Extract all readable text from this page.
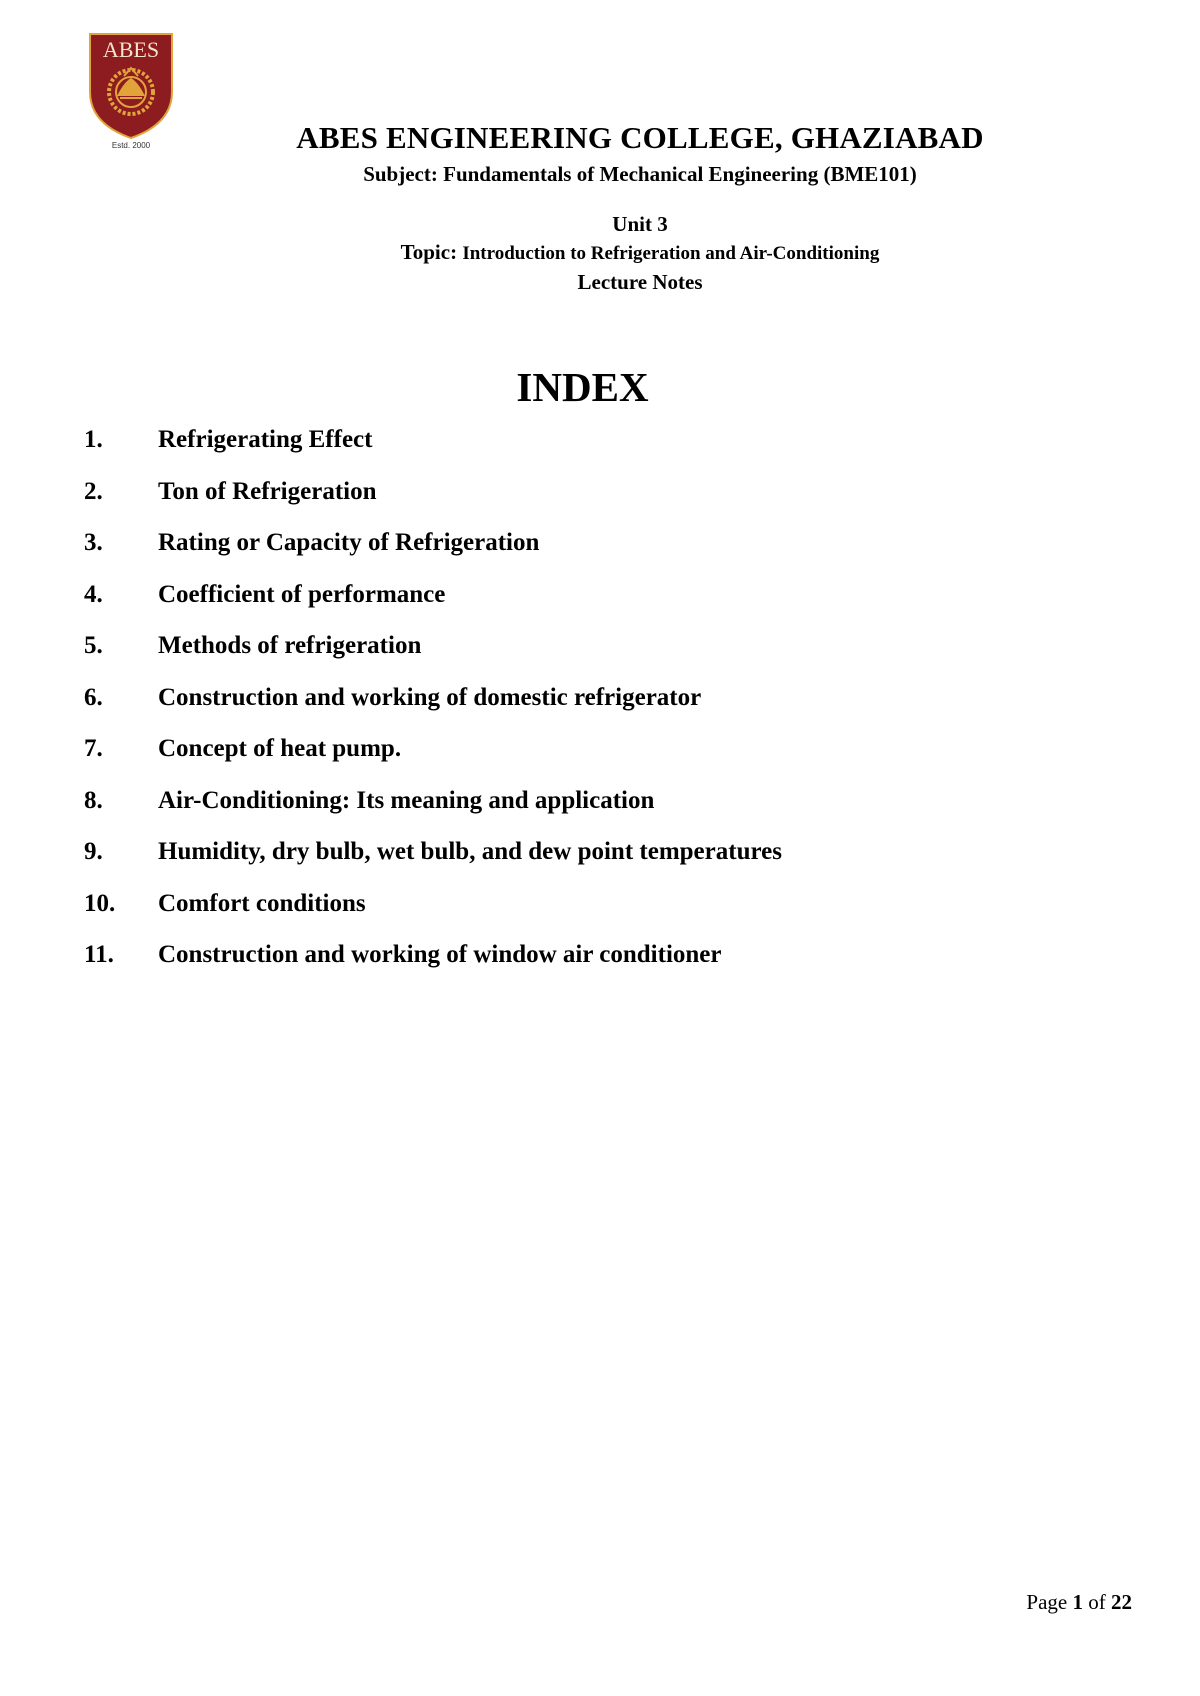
ABES
Estd. 2000	ABES ENGINEERING COLLEGE, GHAZIABAD
Subject: Fundamentals of Mechanical Engineering (BME101)
Unit 3
Topic: Introduction to Refrigeration and Air-Conditioning
Lecture Notes
INDEX
1.	Refrigerating Effect
2.	Ton of Refrigeration
3.	Rating or Capacity of Refrigeration
4.	Coefficient of performance
5.	Methods of refrigeration
6.	Construction and working of domestic refrigerator
7.	Concept of heat pump.
8.	Air-Conditioning: Its meaning and application
9.	Humidity, dry bulb, wet bulb, and dew point temperatures
10.	Comfort conditions
11.	Construction and working of window air conditioner
Page 1 of 22
